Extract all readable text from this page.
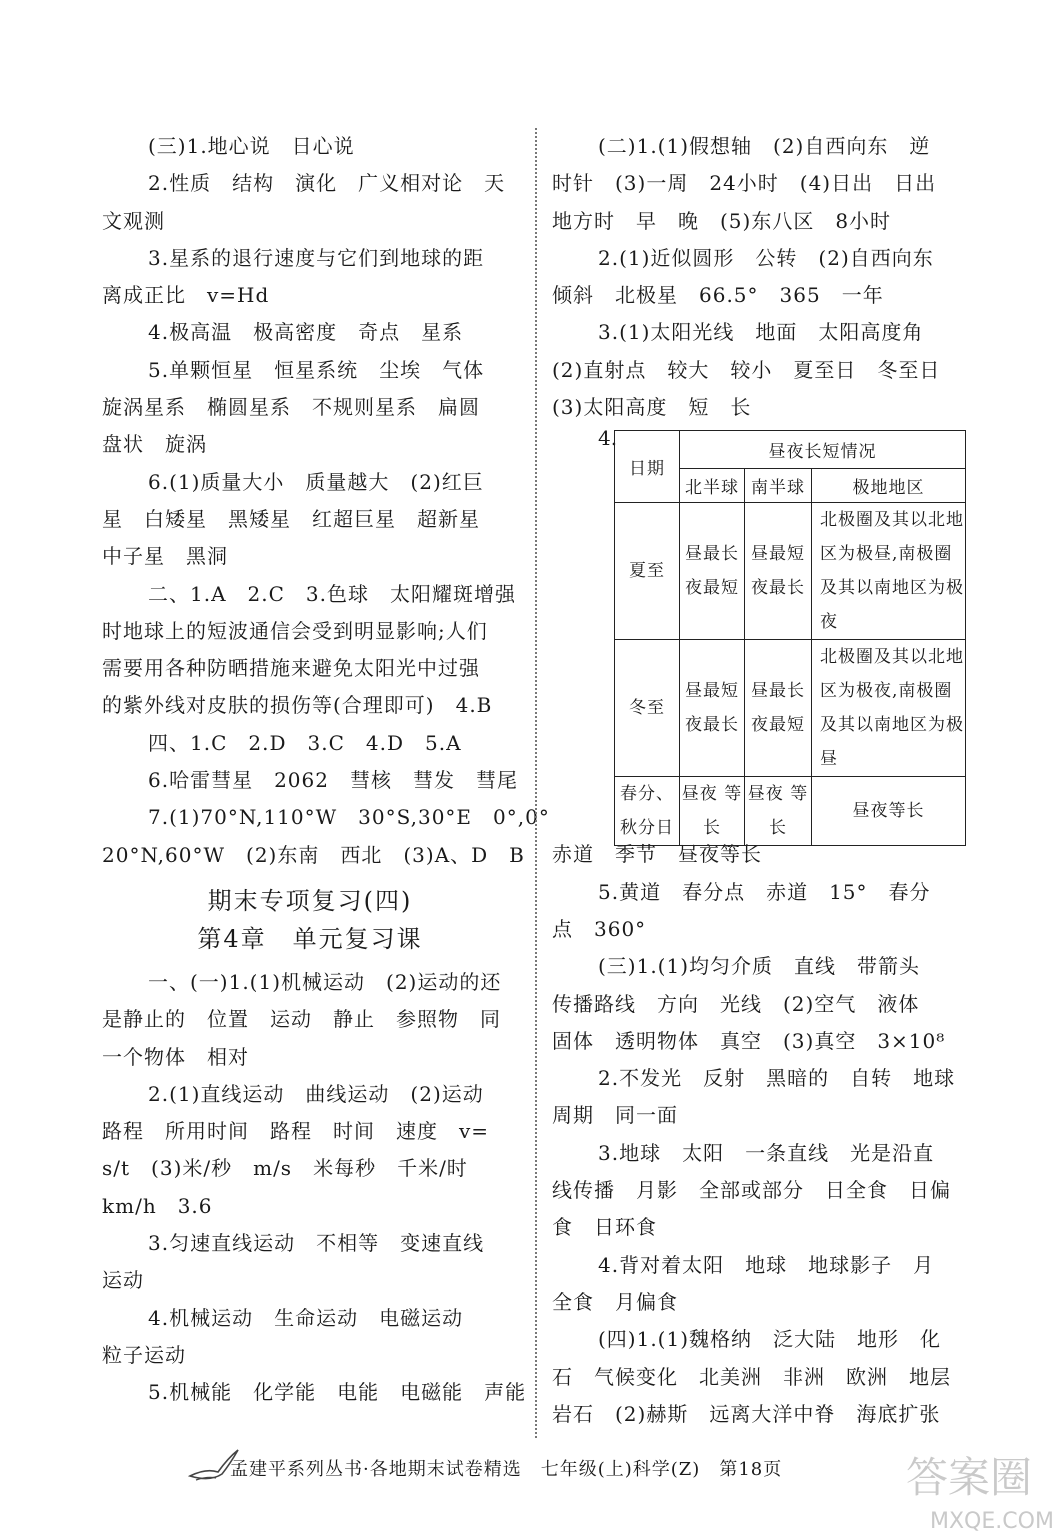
(三)1.地心说　日心说
2.性质　结构　演化　广义相对论　天
文观测
3.星系的退行速度与它们到地球的距
离成正比　v=Hd
4.极高温　极高密度　奇点　星系
5.单颗恒星　恒星系统　尘埃　气体
旋涡星系　椭圆星系　不规则星系　扁圆
盘状　旋涡
6.(1)质量大小　质量越大　(2)红巨
星　白矮星　黑矮星　红超巨星　超新星
中子星　黑洞
二、1.A　2.C　3.色球　太阳耀斑增强
时地球上的短波通信会受到明显影响;人们
需要用各种防晒措施来避免太阳光中过强
的紫外线对皮肤的损伤等(合理即可)　4.B
四、1.C　2.D　3.C　4.D　5.A
6.哈雷彗星　2062　彗核　彗发　彗尾
7.(1)70°N,110°W　30°S,30°E　0°,0°
20°N,60°W　(2)东南　西北　(3)A、D　B
期末专项复习(四)
第4章　单元复习课
一、(一)1.(1)机械运动　(2)运动的还
是静止的　位置　运动　静止　参照物　同
一个物体　相对
2.(1)直线运动　曲线运动　(2)运动
路程　所用时间　路程　时间　速度　v=
s/t　(3)米/秒　m/s　米每秒　千米/时
km/h　3.6
3.匀速直线运动　不相等　变速直线
运动
4.机械运动　生命运动　电磁运动
粒子运动
5.机械能　化学能　电能　电磁能　声能
(二)1.(1)假想轴　(2)自西向东　逆
时针　(3)一周　24小时　(4)日出　日出
地方时　早　晚　(5)东八区　8小时
2.(1)近似圆形　公转　(2)自西向东
倾斜　北极星　66.5°　365　一年
3.(1)太阳光线　地面　太阳高度角
(2)直射点　较大　较小　夏至日　冬至日
(3)太阳高度　短　长
4.
日期	昼夜长短情况		
	北半球	南半球	极地地区
夏至	昼最长 夜最短	昼最短 夜最长	北极圈及其以北地区为极昼,南极圈及其以南地区为极夜
冬至	昼最短 夜最长	昼最长 夜最短	北极圈及其以北地区为极夜,南极圈及其以南地区为极昼
春分、秋分日	昼夜 等长	昼夜 等长	昼夜等长
赤道　季节　昼夜等长
5.黄道　春分点　赤道　15°　春分
点　360°
(三)1.(1)均匀介质　直线　带箭头
传播路线　方向　光线　(2)空气　液体
固体　透明物体　真空　(3)真空　3×10⁸
2.不发光　反射　黑暗的　自转　地球
周期　同一面
3.地球　太阳　一条直线　光是沿直
线传播　月影　全部或部分　日全食　日偏
食　日环食
4.背对着太阳　地球　地球影子　月
全食　月偏食
(四)1.(1)魏格纳　泛大陆　地形　化
石　气候变化　北美洲　非洲　欧洲　地层
岩石　(2)赫斯　远离大洋中脊　海底扩张
孟建平系列丛书·各地期末试卷精选　七年级(上)科学(Z)　第18页	答案圈
MXQE.COM
